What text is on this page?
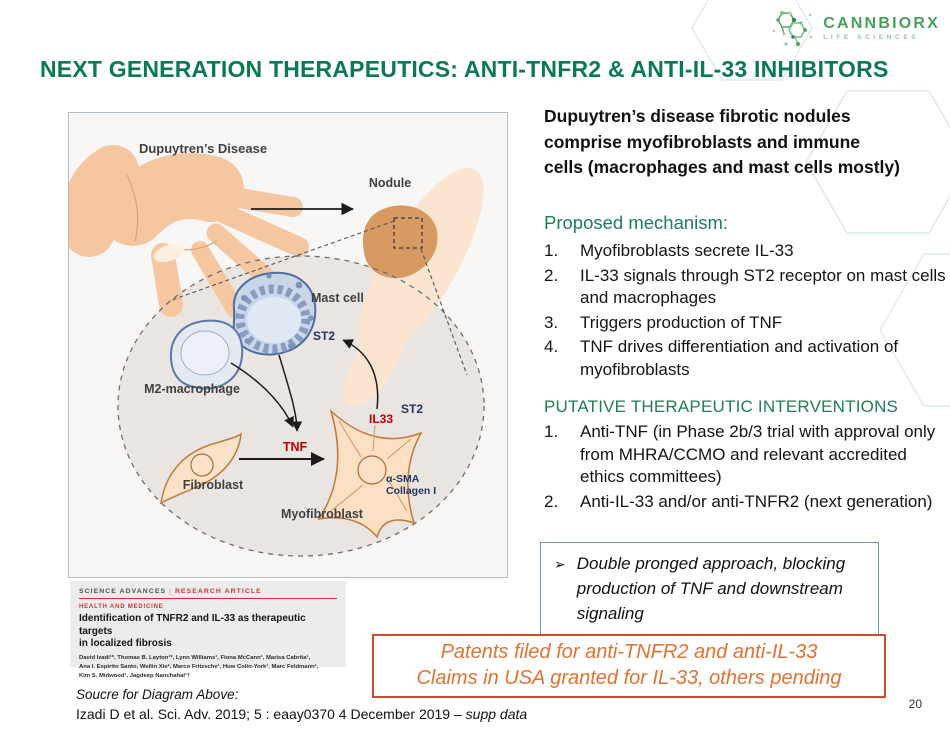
CANNBIORX
LIFE SCIENCES
NEXT GENERATION THERAPEUTICS: ANTI-TNFR2 & ANTI-IL-33 INHIBITORS
Dupuytren’s Disease
Nodule
Mast cell
ST2
M2-macrophage
TNF
Fibroblast
IL33
ST2
α-SMA
Collagen I
Myofibroblast
SCIENCE ADVANCES | RESEARCH ARTICLE
HEALTH AND MEDICINE
Identification of TNFR2 and IL-33 as therapeutic targets
in localized fibrosis
David Izadi¹*, Thomas B. Layton¹*, Lynn Williams¹, Fiona McCann¹, Marisa Cabrita¹,
Ana I. Espirito Santo, Weilin Xie², Marco Fritzsche¹, Huw Colin-York¹, Marc Feldmann¹,
Kim S. Midwood¹, Jagdeep Nanchahal¹†
Dupuytren’s disease fibrotic nodules
comprise myofibroblasts and immune
cells (macrophages and mast cells mostly)
Proposed mechanism:
1.	Myofibroblasts secrete IL-33
2.	IL-33 signals through ST2 receptor on mast cells and macrophages
3.	Triggers production of TNF
4.	TNF drives differentiation and activation of myofibroblasts
PUTATIVE THERAPEUTIC INTERVENTIONS
1.	Anti-TNF (in Phase 2b/3 trial with approval only from MHRA/CCMO and relevant accredited ethics committees)
2.	Anti-IL-33 and/or anti-TNFR2 (next generation)
➢ Double pronged approach, blocking production of TNF and downstream signaling
Patents filed for anti-TNFR2 and anti-IL-33
Claims in USA granted for IL-33, others pending
Soucre for Diagram Above:
Izadi D et al. Sci. Adv. 2019; 5 : eaay0370 4 December 2019 – supp data
20
